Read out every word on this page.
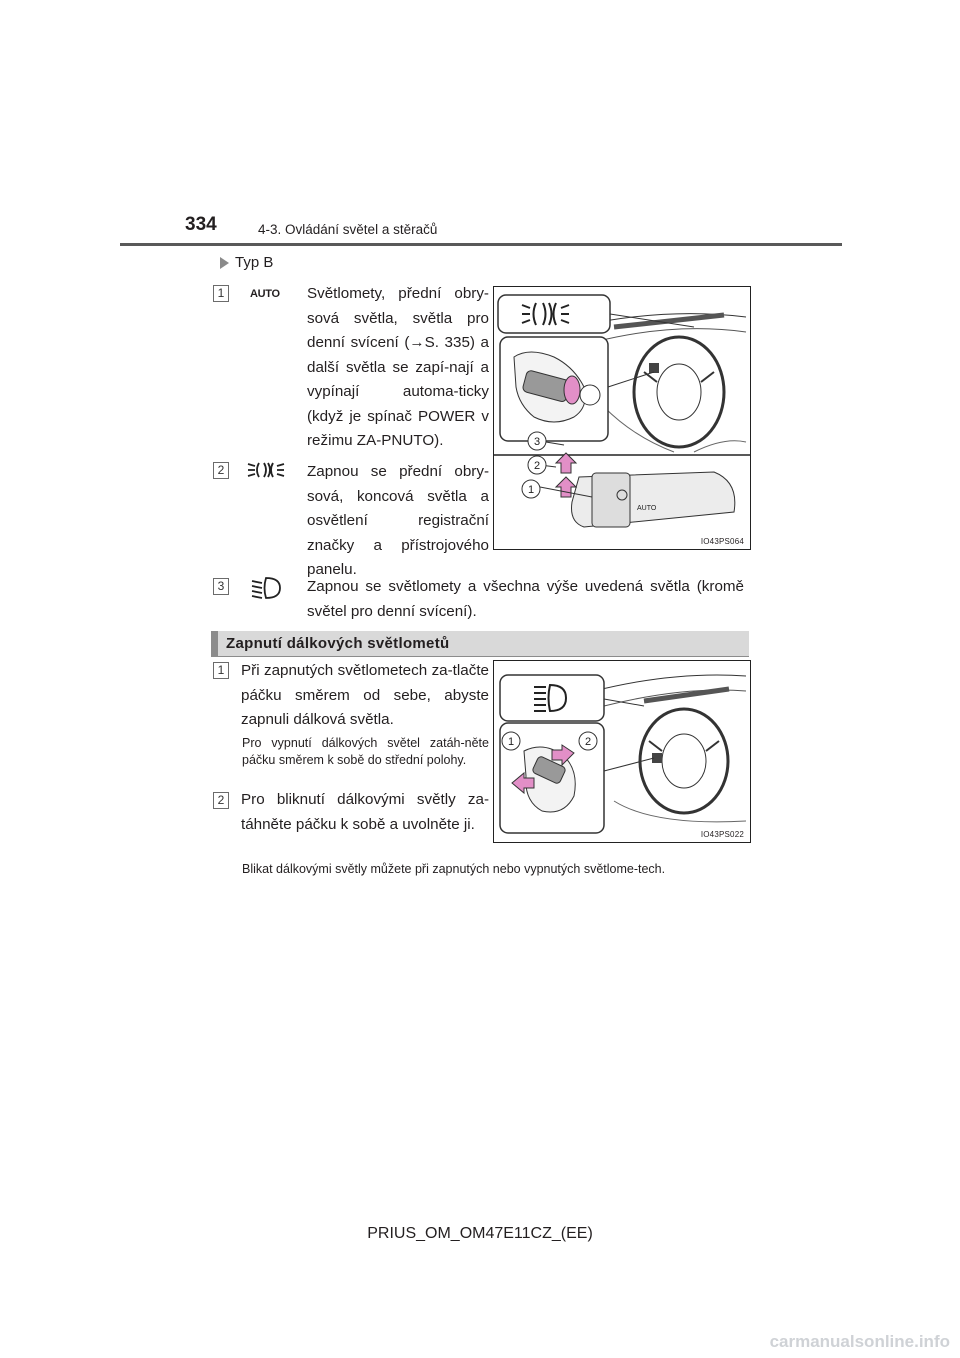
334	4-3. Ovládání světel a stěračů
Typ B
1	AUTO Světlomety, přední obry-sová světla, světla pro denní svícení (→S. 335) a další světla se zapí-nají a vypínají automa-ticky (když je spínač POWER v režimu ZA-PNUTO).
2	Zapnou se přední obry-sová, koncová světla a osvětlení registrační značky a přístrojového panelu.
AUTO
1
2
3
IO43PS064
3	Zapnou se světlomety a všechna výše uvedená světla (kromě světel pro denní svícení).
Zapnutí dálkových světlometů
1	Při zapnutých světlometech za-tlačte páčku směrem od sebe, abyste zapnuli dálková světla.
Pro vypnutí dálkových světel zatáh-něte páčku směrem k sobě do střední polohy.
2	Pro bliknutí dálkovými světly za-táhněte páčku k sobě a uvolněte ji.
1	2
IO43PS022
Blikat dálkovými světly můžete při zapnutých nebo vypnutých světlome-tech.
PRIUS_OM_OM47E11CZ_(EE)
carmanualsonline.info
